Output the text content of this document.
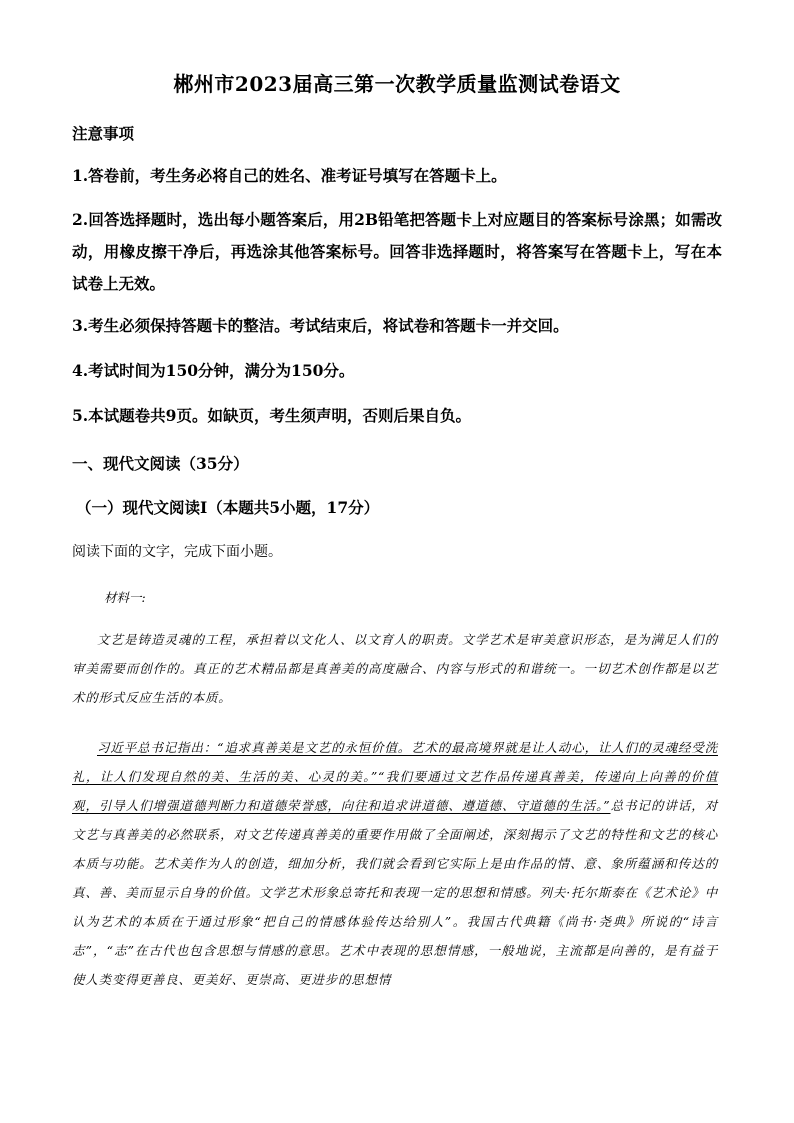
郴州市2023届高三第一次教学质量监测试卷语文
注意事项
1.答卷前，考生务必将自己的姓名、准考证号填写在答题卡上。
2.回答选择题时，选出每小题答案后，用2B铅笔把答题卡上对应题目的答案标号涂黑；如需改动，用橡皮擦干净后，再选涂其他答案标号。回答非选择题时，将答案写在答题卡上，写在本试卷上无效。
3.考生必须保持答题卡的整洁。考试结束后，将试卷和答题卡一并交回。
4.考试时间为150分钟，满分为150分。
5.本试题卷共9页。如缺页，考生须声明，否则后果自负。
一、现代文阅读（35分）
（一）现代文阅读Ⅰ（本题共5小题，17分）
阅读下面的文字，完成下面小题。
材料一:
文艺是铸造灵魂的工程，承担着以文化人、以文育人的职责。文学艺术是审美意识形态，是为满足人们的审美需要而创作的。真正的艺术精品都是真善美的高度融合、内容与形式的和谐统一。一切艺术创作都是以艺术的形式反应生活的本质。
习近平总书记指出：“追求真善美是文艺的永恒价值。艺术的最高境界就是让人动心，让人们的灵魂经受洗礼，让人们发现自然的美、生活的美、心灵的美。”“我们要通过文艺作品传递真善美，传递向上向善的价值观，引导人们增强道德判断力和道德荣誉感，向往和追求讲道德、遵道德、守道德的生活。”总书记的讲话，对文艺与真善美的必然联系，对文艺传递真善美的重要作用做了全面阐述，深刻揭示了文艺的特性和文艺的核心本质与功能。艺术美作为人的创造，细加分析，我们就会看到它实际上是由作品的情、意、象所蕴涵和传达的真、善、美而显示自身的价值。文学艺术形象总寄托和表现一定的思想和情感。列夫·托尔斯泰在《艺术论》中认为艺术的本质在于通过形象“把自己的情感体验传达给别人”。我国古代典籍《尚书·尧典》所说的“诗言志”，“志”在古代也包含思想与情感的意思。艺术中表现的思想情感，一般地说，主流都是向善的，是有益于使人类变得更善良、更美好、更崇高、更进步的思想情
